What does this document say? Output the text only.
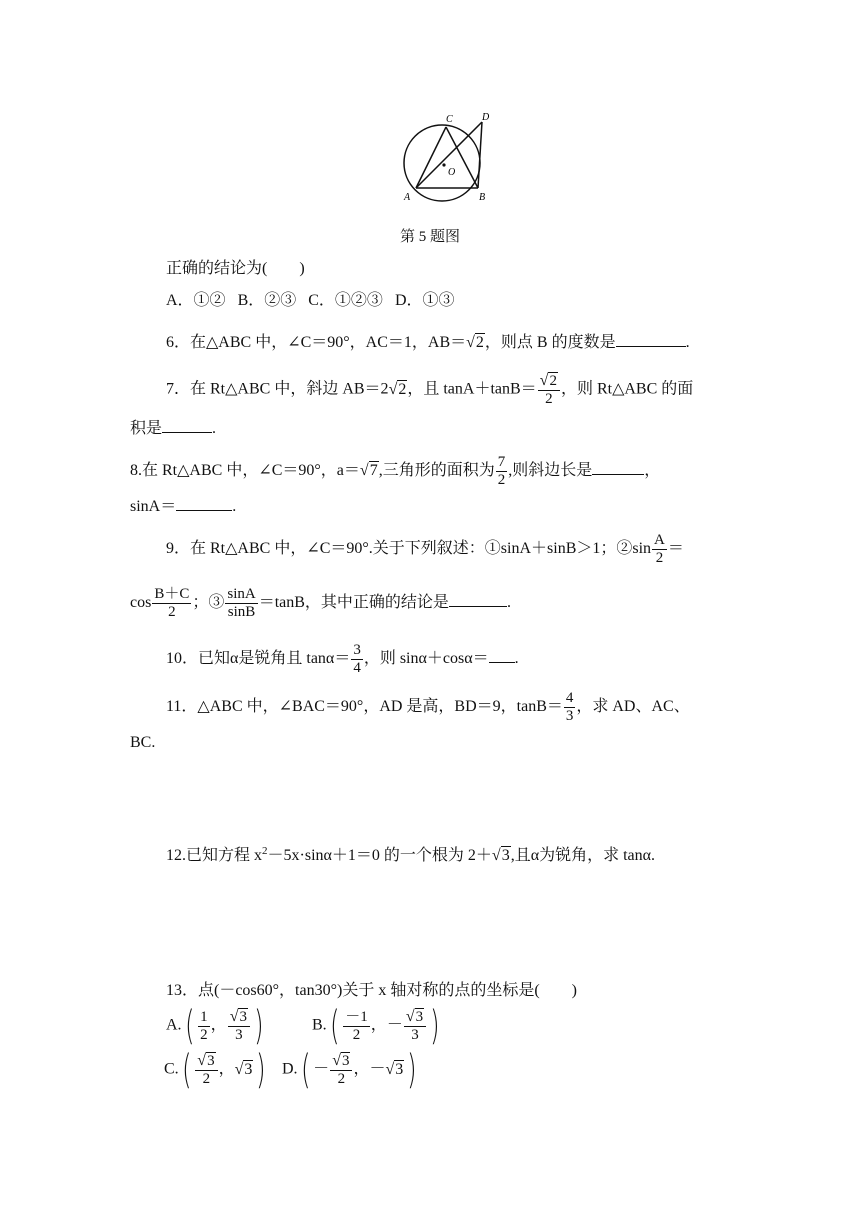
C	D
O
A	B
第 5 题图
正确的结论为(　　)
A．①② B．②③ C．①②③ D．①③
6．在△ABC 中，∠C＝90°，AC＝1，AB＝√2，则点 B 的度数是	.
7．在 Rt△ABC 中，斜边 AB＝2√2，且 $\tan A+\tan B= \frac{√2}{2}$ ，则 Rt△ABC 的面
积是	.
8.在 Rt△ABC 中，∠C＝90°，a＝√7,三角形的面积为 $\frac{7}{2}$ ,则斜边长是	，
sinA＝	.
9．在 Rt△ABC 中，∠C＝90°.关于下列叙述：①sinA＋sinB＞1；②sin $\frac{A}{2}$ ＝
$\cos \frac{B+C}{2}$ ；③ $\frac{\sin A}{\sin B} =\tan B$，其中正确的结论是	.
10．已知α是锐角且 $\tan\alpha= \frac{3}{4}$ ，则 sinα＋cosα＝ .
11．△ABC 中，∠BAC＝90°，AD 是高，BD＝9，$\tan B= \frac{4}{3}$ ，求 AD、AC、
BC.
12.已知方程 $x^2-5x\cdot\sin\alpha+1=0$ 的一个根为 2＋√3,且α为锐角，求 tanα.
13．点(－cos60°，tan30°)关于 x 轴对称的点的坐标是(　　)
$A.( \frac{1}{2}$ ， $\frac{√3}{3}$ )	$B.( \frac{-1}{2}$ ，－ $\frac{√3}{3}$ )
$C.( \frac{√3}{2}$ ，√3 ) $D.( - \frac{√3}{2}$ ，－√3 )
